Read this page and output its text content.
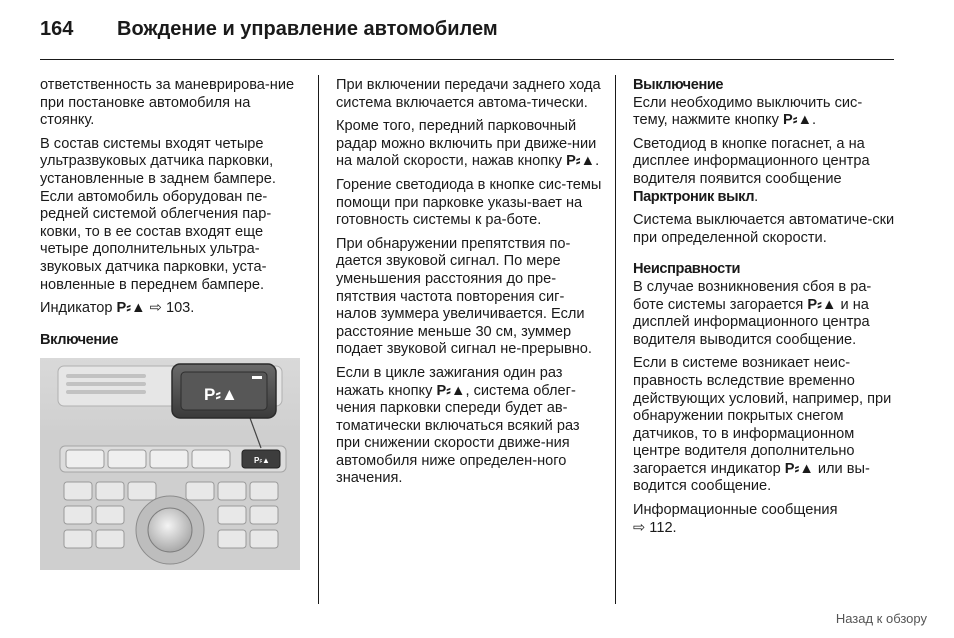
164 Вождение и управление автомобилем

ответственность за маневрирова-ние при постановке автомобиля на стоянку.

В состав системы входят четыре ультразвуковых датчика парковки, установленные в заднем бампере. Если автомобиль оборудован пе-редней системой облегчения пар-ковки, то в ее состав входят еще четыре дополнительных ультра-звуковых датчика парковки, уста-новленные в переднем бампере.

Индикатор P⸗▲ ⇨ 103.

Включение
P⸗▲
P⸗▲

При включении передачи заднего хода система включается автома-тически.

Кроме того, передний парковочный радар можно включить при движе-нии на малой скорости, нажав кнопку P⸗▲.

Горение светодиода в кнопке сис-темы помощи при парковке указы-вает на готовность системы к ра-боте.

При обнаружении препятствия по-дается звуковой сигнал. По мере уменьшения расстояния до пре-пятствия частота повторения сиг-налов зуммера увеличивается. Если расстояние меньше 30 см, зуммер подает звуковой сигнал не-прерывно.

Если в цикле зажигания один раз нажать кнопку P⸗▲, система облег-чения парковки спереди будет ав-томатически включаться всякий раз при снижении скорости движе-ния автомобиля ниже определен-ного значения.

Выключение

Если необходимо выключить сис-тему, нажмите кнопку P⸗▲.

Светодиод в кнопке погаснет, а на дисплее информационного центра водителя появится сообщение Парктроник выкл.

Система выключается автоматиче-ски при определенной скорости.

Неисправности

В случае возникновения сбоя в ра-боте системы загорается P⸗▲ и на дисплей информационного центра водителя выводится сообщение.

Если в системе возникает неис-правность вследствие временно действующих условий, например, при обнаружении покрытых снегом датчиков, то в информационном центре водителя дополнительно загорается индикатор P⸗▲ или вы-водится сообщение.

Информационные сообщения
⇨ 112.

Назад к обзору
